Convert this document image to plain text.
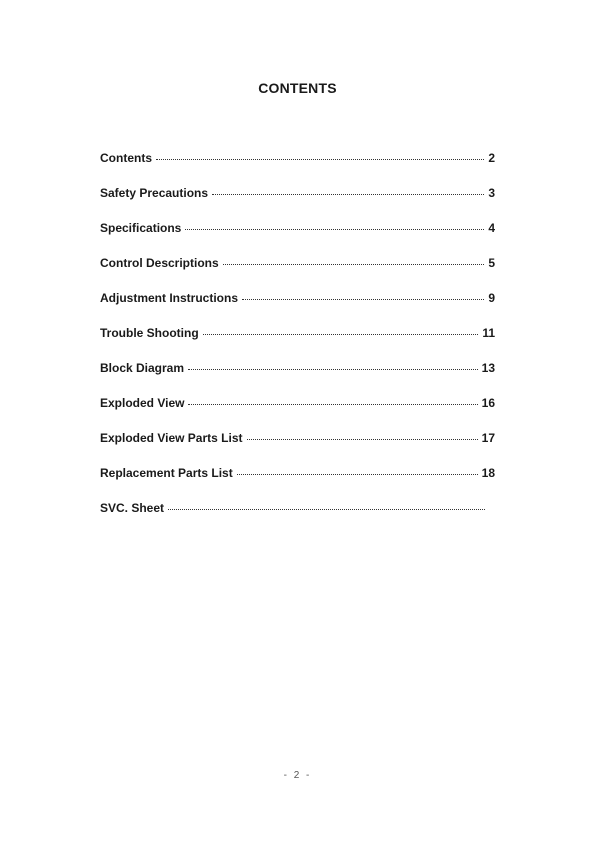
CONTENTS
Contents	2
Safety Precautions	3
Specifications	4
Control Descriptions	5
Adjustment Instructions	9
Trouble Shooting	11
Block Diagram	13
Exploded View	16
Exploded View Parts List	17
Replacement Parts List	18
SVC. Sheet
- 2 -
